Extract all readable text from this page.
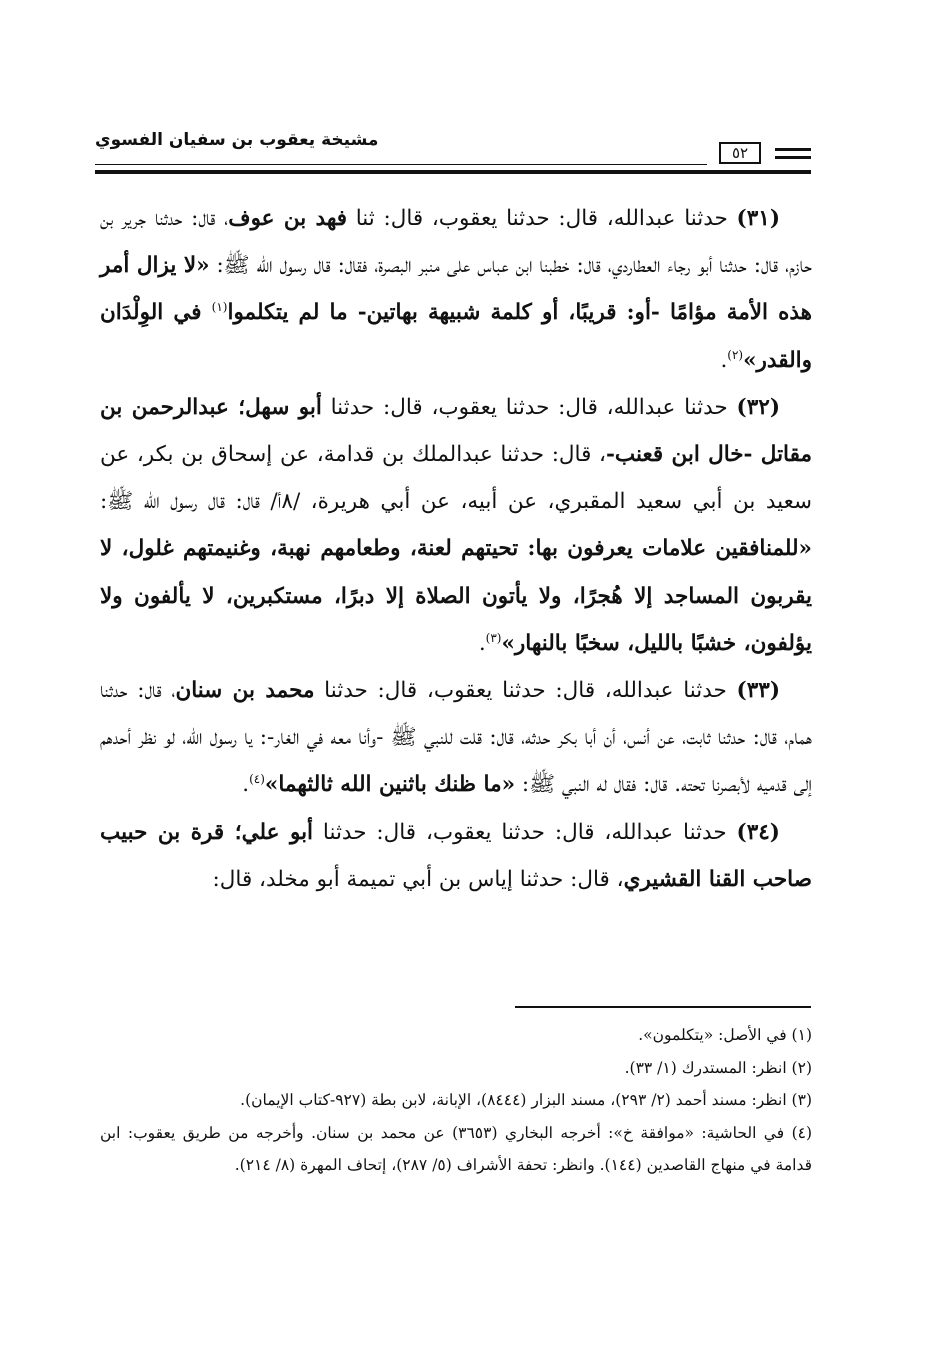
مشيخة يعقوب بن سفيان الفسوي
٥٢

(٣١) حدثنا عبدالله، قال: حدثنا يعقوب، قال: ثنا فهد بن عوف، قال: حدثنا جرير بن حازم، قال: حدثنا أبو رجاء العطاردي، قال: خطبنا ابن عباس على منبر البصرة، فقال: قال رسول الله ﷺ: «لا يزال أمر هذه الأمة مؤامًا -أو: قريبًا، أو كلمة شبيهة بهاتين- ما لم يتكلموا$^{(١)}$ في الوِلْدَان والقدر»$^{(٢)}$.

(٣٢) حدثنا عبدالله، قال: حدثنا يعقوب، قال: حدثنا أبو سهل؛ عبدالرحمن بن مقاتل -خال ابن قعنب-، قال: حدثنا عبدالملك بن قدامة، عن إسحاق بن بكر، عن سعيد بن أبي سعيد المقبري، عن أبيه، عن أبي هريرة، /٨أ/ قال: قال رسول الله ﷺ: «للمنافقين علامات يعرفون بها: تحيتهم لعنة، وطعامهم نهبة، وغنيمتهم غلول، لا يقربون المساجد إلا هُجرًا، ولا يأتون الصلاة إلا دبرًا، مستكبرين، لا يألفون ولا يؤلفون، خشبًا بالليل، سخبًا بالنهار»$^{(٣)}$.

(٣٣) حدثنا عبدالله، قال: حدثنا يعقوب، قال: حدثنا محمد بن سنان، قال: حدثنا همام، قال: حدثنا ثابت، عن أنس، أن أبا بكر حدثه، قال: قلت للنبي ﷺ -وأنا معه في الغار-: يا رسول الله، لو نظر أحدهم إلى قدميه لأبصرنا تحته. قال: فقال له النبي ﷺ: «ما ظنك باثنين الله ثالثهما»$^{(٤)}$.

(٣٤) حدثنا عبدالله، قال: حدثنا يعقوب، قال: حدثنا أبو علي؛ قرة بن حبيب صاحب القنا القشيري، قال: حدثنا إياس بن أبي تميمة أبو مخلد، قال:

(١) في الأصل: «يتكلمون».

(٢) انظر: المستدرك (١/ ٣٣).

(٣) انظر: مسند أحمد (٢/ ٢٩٣)، مسند البزار (٨٤٤٤)، الإبانة، لابن بطة (٩٢٧-كتاب الإيمان).

(٤) في الحاشية: «موافقة خ»: أخرجه البخاري (٣٦٥٣) عن محمد بن سنان. وأخرجه من طريق يعقوب: ابن قدامة في منهاج القاصدين (١٤٤). وانظر: تحفة الأشراف (٥/ ٢٨٧)، إتحاف المهرة (٨/ ٢١٤).
